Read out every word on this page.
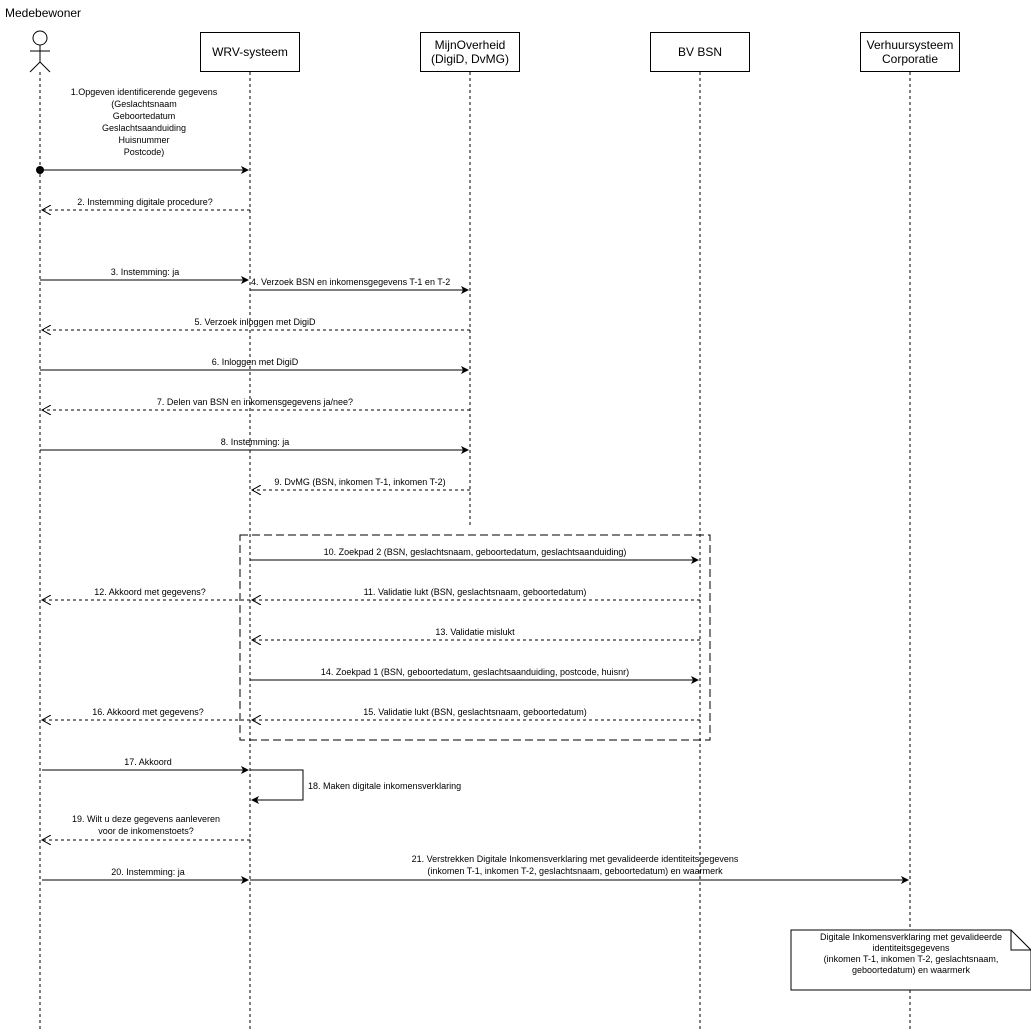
1.Opgeven identificerende gegevens (Geslachtsnaam Geboortedatum Geslachtsaanduiding Huisnummer Postcode)
2. Instemming digitale procedure?
3. Instemming: ja
4. Verzoek BSN en inkomensgegevens T-1 en T-2
5. Verzoek inloggen met DigiD
6. Inloggen met DigiD
7. Delen van BSN en inkomensgegevens ja/nee?
8. Instemming: ja
9. DvMG (BSN, inkomen T-1, inkomen T-2)
10. Zoekpad 2 (BSN, geslachtsnaam, geboortedatum, geslachtsaanduiding)
11. Validatie lukt (BSN, geslachtsnaam, geboortedatum)
12. Akkoord met gegevens?
13. Validatie mislukt
14. Zoekpad 1 (BSN, geboortedatum, geslachtsaanduiding, postcode, huisnr)
15. Validatie lukt (BSN, geslachtsnaam, geboortedatum)
16. Akkoord met gegevens?
17. Akkoord
18. Maken digitale inkomensverklaring
19. Wilt u deze gegevens aanleveren voor de inkomenstoets?
20. Instemming: ja
21. Verstrekken Digitale Inkomensverklaring met gevalideerde identiteitsgegevens (inkomen T-1, inkomen T-2, geslachtsnaam, geboortedatum) en waarmerk
Medebewoner
WRV-systeem	MijnOverheid
(DigiD, DvMG)	BV BSN	Verhuursysteem
Corporatie
Digitale Inkomensverklaring met gevalideerde
identiteitsgegevens
(inkomen T-1, inkomen T-2, geslachtsnaam,
geboortedatum) en waarmerk
